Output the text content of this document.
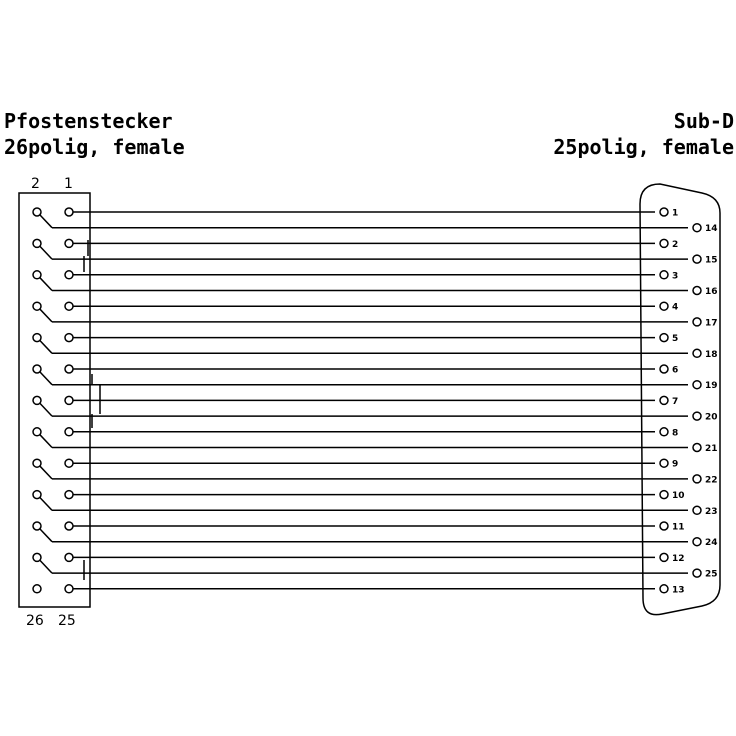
Pfostenstecker
26polig, female
Sub-D
25polig, female
2 1
26 25
1
2
3
4
5
6
7
8
9
10
11
12
13
14
15
16
17
18
19
20
21
22
23
24
25
